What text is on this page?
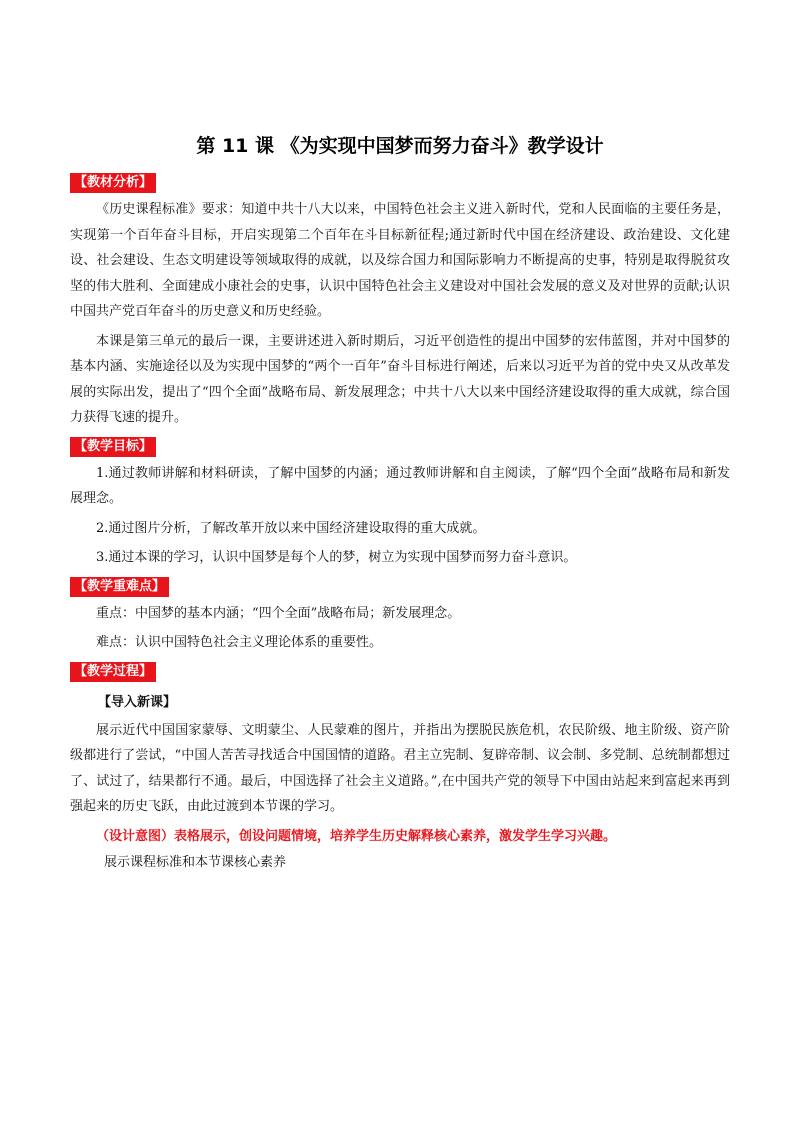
第 11 课 《为实现中国梦而努力奋斗》教学设计
【教材分析】

《历史课程标准》要求：知道中共十八大以来，中国特色社会主义进入新时代，党和人民面临的主要任务是，实现第一个百年奋斗目标，开启实现第二个百年在斗目标新征程;通过新时代中国在经济建设、政治建设、文化建设、社会建设、生态文明建设等领域取得的成就，以及综合国力和国际影响力不断提高的史事，特别是取得脱贫攻坚的伟大胜利、全面建成小康社会的史事，认识中国特色社会主义建设对中国社会发展的意义及对世界的贡献;认识中国共产党百年奋斗的历史意义和历史经验。

本课是第三单元的最后一课，主要讲述进入新时期后，习近平创造性的提出中国梦的宏伟蓝图，并对中国梦的基本内涵、实施途径以及为实现中国梦的“两个一百年”奋斗目标进行阐述，后来以习近平为首的党中央又从改革发展的实际出发，提出了“四个全面”战略布局、新发展理念；中共十八大以来中国经济建设取得的重大成就，综合国力获得飞速的提升。

【教学目标】

1.通过教师讲解和材料研读，了解中国梦的内涵；通过教师讲解和自主阅读，了解“四个全面”战略布局和新发展理念。

2.通过图片分析，了解改革开放以来中国经济建设取得的重大成就。

3.通过本课的学习，认识中国梦是每个人的梦，树立为实现中国梦而努力奋斗意识。

【教学重难点】

重点：中国梦的基本内涵；“四个全面”战略布局；新发展理念。

难点：认识中国特色社会主义理论体系的重要性。

【教学过程】
【导入新课】

展示近代中国国家蒙辱、文明蒙尘、人民蒙难的图片，并指出为摆脱民族危机，农民阶级、地主阶级、资产阶级都进行了尝试，“中国人苦苦寻找适合中国国情的道路。君主立宪制、复辟帝制、议会制、多党制、总统制都想过了、试过了，结果都行不通。最后，中国选择了社会主义道路。”,在中国共产党的领导下中国由站起来到富起来再到强起来的历史飞跃，由此过渡到本节课的学习。

（设计意图）表格展示，创设问题情境，培养学生历史解释核心素养，激发学生学习兴趣。
展示课程标准和本节课核心素养
